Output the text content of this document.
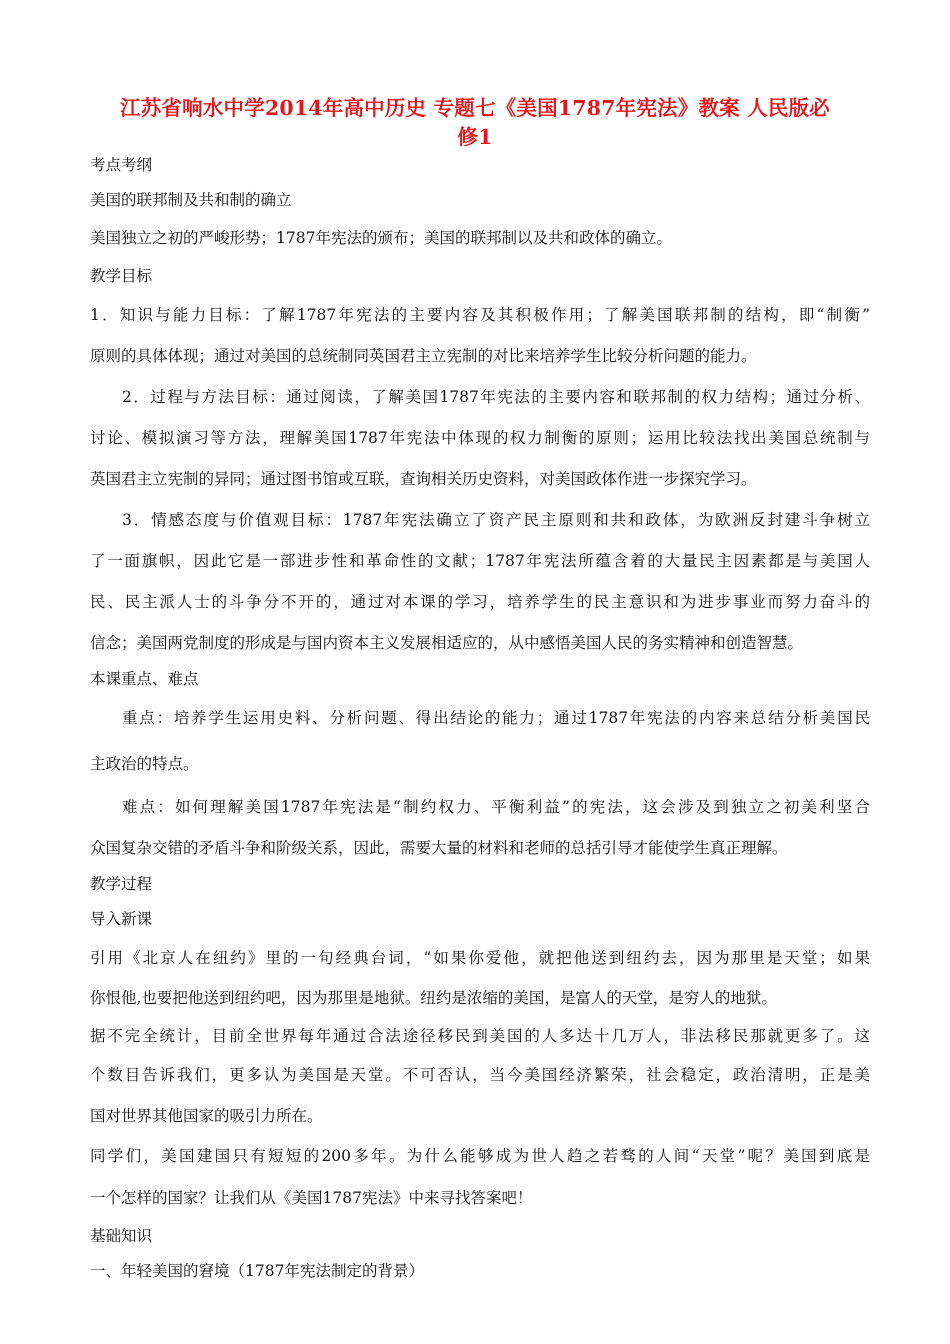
江苏省响水中学2014年高中历史 专题七《美国1787年宪法》教案 人民版必
修1
考点考纲
美国的联邦制及共和制的确立
美国独立之初的严峻形势；1787年宪法的颁布；美国的联邦制以及共和政体的确立。
教学目标
1．知识与能力目标：了解1787年宪法的主要内容及其积极作用；了解美国联邦制的结构，即“制衡”
原则的具体体现；通过对美国的总统制同英国君主立宪制的对比来培养学生比较分析问题的能力。
2．过程与方法目标：通过阅读，了解美国1787年宪法的主要内容和联邦制的权力结构；通过分析、
讨论、模拟演习等方法，理解美国1787年宪法中体现的权力制衡的原则；运用比较法找出美国总统制与
英国君主立宪制的异同；通过图书馆或互联，查询相关历史资料，对美国政体作进一步探究学习。
3．情感态度与价值观目标：1787年宪法确立了资产民主原则和共和政体，为欧洲反封建斗争树立
了一面旗帜，因此它是一部进步性和革命性的文献；1787年宪法所蕴含着的大量民主因素都是与美国人
民、民主派人士的斗争分不开的，通过对本课的学习，培养学生的民主意识和为进步事业而努力奋斗的
信念；美国两党制度的形成是与国内资本主义发展相适应的，从中感悟美国人民的务实精神和创造智慧。
本课重点、难点
重点：培养学生运用史料、分析问题、得出结论的能力；通过1787年宪法的内容来总结分析美国民
主政治的特点。
难点：如何理解美国1787年宪法是“制约权力、平衡利益”的宪法，这会涉及到独立之初美利坚合
众国复杂交错的矛盾斗争和阶级关系，因此，需要大量的材料和老师的总括引导才能使学生真正理解。
教学过程
导入新课
引用《北京人在纽约》里的一句经典台词，“如果你爱他，就把他送到纽约去，因为那里是天堂；如果
你恨他,也要把他送到纽约吧，因为那里是地狱。纽约是浓缩的美国，是富人的天堂，是穷人的地狱。
据不完全统计，目前全世界每年通过合法途径移民到美国的人多达十几万人，非法移民那就更多了。这
个数目告诉我们，更多认为美国是天堂。不可否认，当今美国经济繁荣，社会稳定，政治清明，正是美
国对世界其他国家的吸引力所在。
同学们，美国建国只有短短的200多年。为什么能够成为世人趋之若骛的人间“天堂”呢？美国到底是
一个怎样的国家？让我们从《美国1787宪法》中来寻找答案吧！
基础知识
一、年轻美国的窘境（1787年宪法制定的背景）
